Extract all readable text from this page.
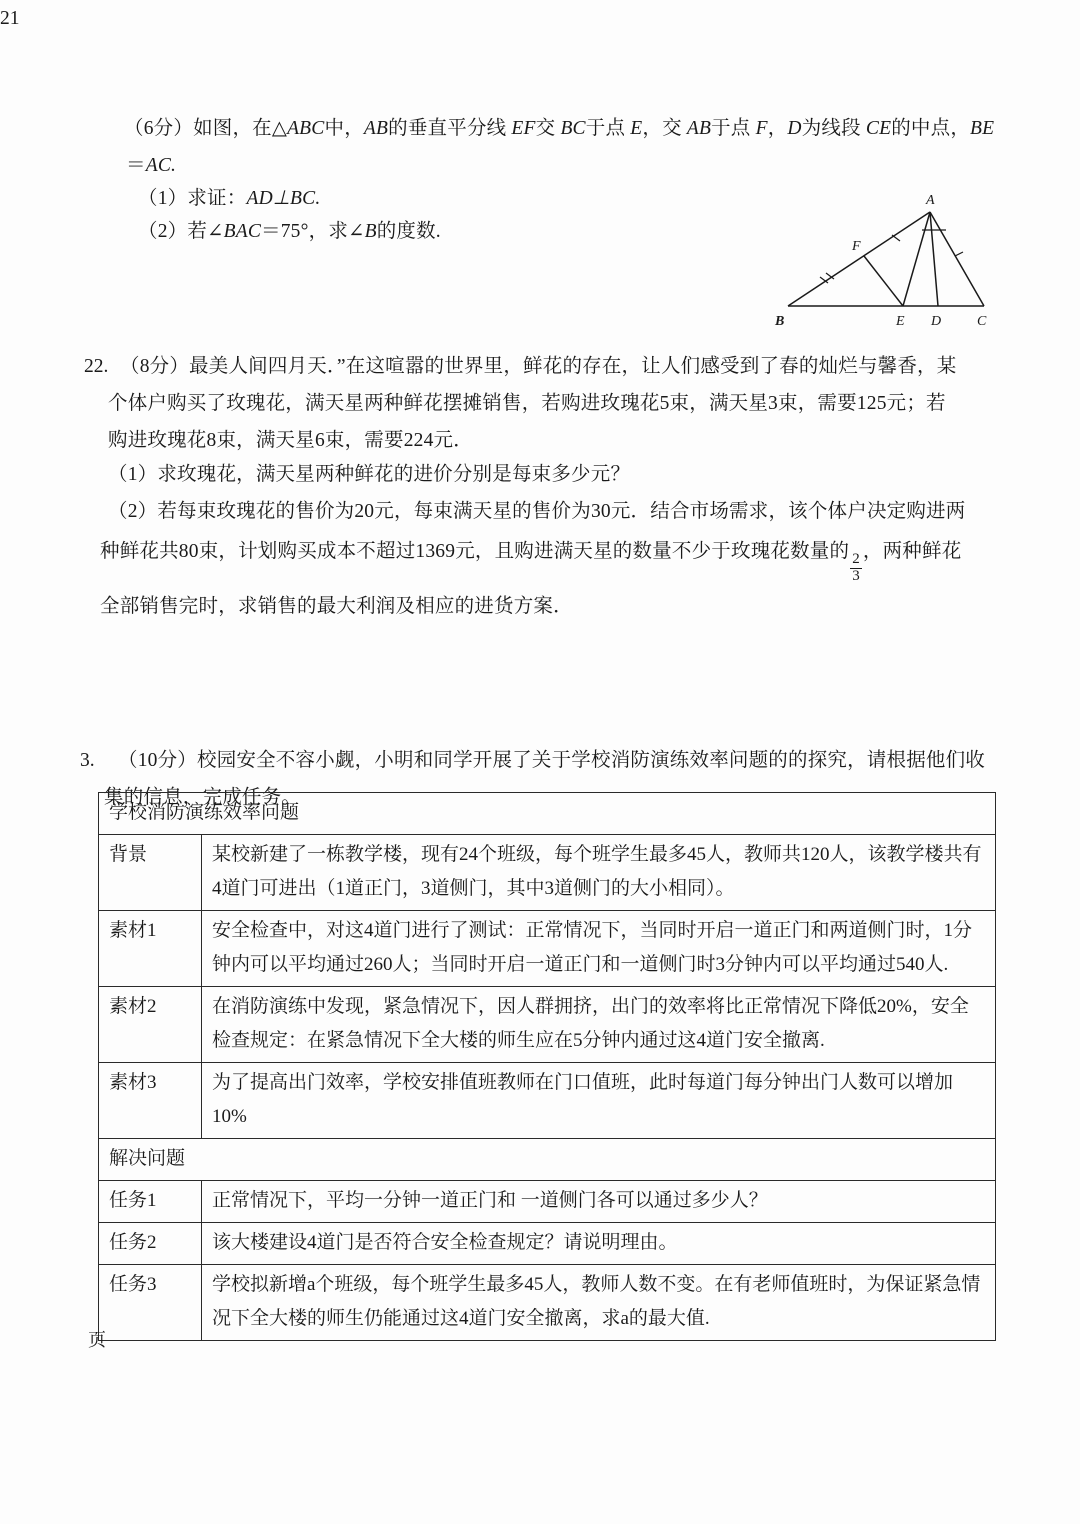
21
（6分）如图，在△ABC中，AB的垂直平分线 EF交 BC于点 E，交 AB于点 F，D为线段 CE的中点，BE
＝AC.
（1）求证：AD⊥BC.
（2）若∠BAC＝75°，求∠B的度数.
A
B	E D	C
F
22. （8分）最美人间四月天．”在这喧嚣的世界里，鲜花的存在，让人们感受到了春的灿烂与馨香，某
个体户购买了玫瑰花，满天星两种鲜花摆摊销售，若购进玫瑰花5束，满天星3束，需要125元；若
购进玫瑰花8束，满天星6束，需要224元．
（1）求玫瑰花，满天星两种鲜花的进价分别是每束多少元？
（2）若每束玫瑰花的售价为20元，每束满天星的售价为30元．结合市场需求，该个体户决定购进两
种鲜花共80束，计划购买成本不超过1369元，且购进满天星的数量不少于玫瑰花数量的
$\frac{2}{3}$
，两种鲜花
全部销售完时，求销售的最大利润及相应的进货方案．
3. （10分）校园安全不容小觑，小明和同学开展了关于学校消防演练效率问题的的探究，请根据他们收
集的信息，完成任务。
学校消防演练效率问题	
背景	某校新建了一栋教学楼，现有24个班级，每个班学生最多45人，教师共120人，该教学楼共有4道门可进出（1道正门，3道侧门，其中3道侧门的大小相同）。
素材1	安全检查中，对这4道门进行了测试：正常情况下，当同时开启一道正门和两道侧门时，1分钟内可以平均通过260人；当同时开启一道正门和一道侧门时3分钟内可以平均通过540人.
素材2	在消防演练中发现，紧急情况下，因人群拥挤，出门的效率将比正常情况下降低20%，安全检查规定：在紧急情况下全大楼的师生应在5分钟内通过这4道门安全撤离.
素材3	为了提高出门效率，学校安排值班教师在门口值班，此时每道门每分钟出门人数可以增加10%
解决问题	
任务1	正常情况下，平均一分钟一道正门和 一道侧门各可以通过多少人？
任务2	该大楼建设4道门是否符合安全检查规定？请说明理由。
任务3	学校拟新增a个班级，每个班学生最多45人，教师人数不变。在有老师值班时，为保证紧急情况下全大楼的师生仍能通过这4道门安全撤离，求a的最大值.
页
